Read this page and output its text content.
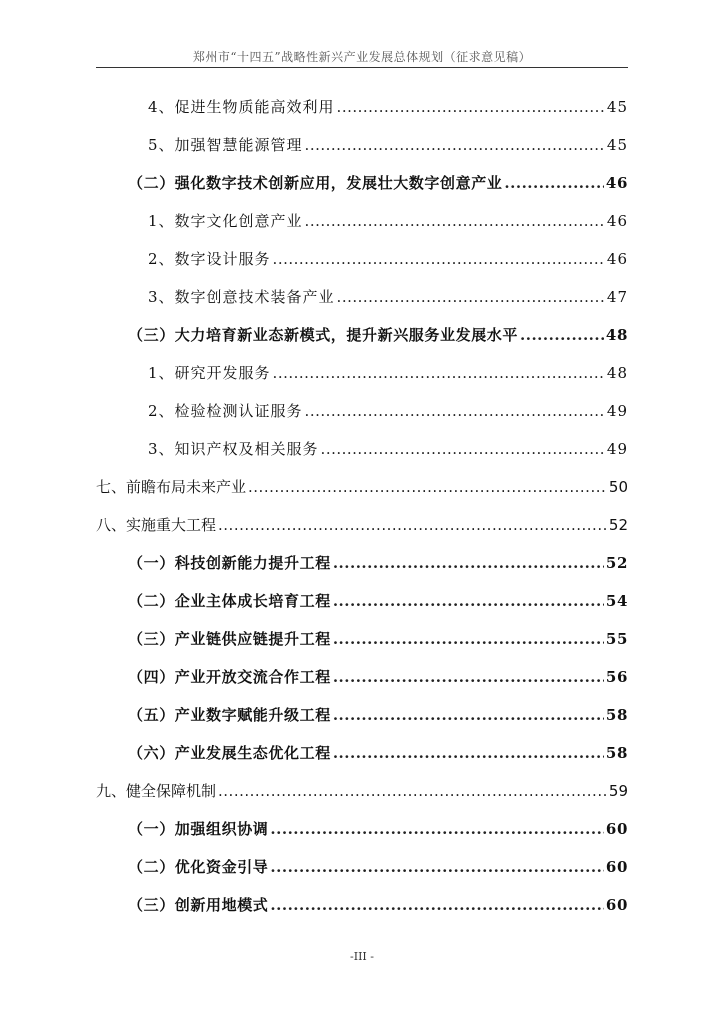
郑州市“十四五”战略性新兴产业发展总体规划（征求意见稿）
4、促进生物质能高效利用 .....	45
5、加强智慧能源管理 .....	45
（二）强化数字技术创新应用，发展壮大数字创意产业 .....	46
1、数字文化创意产业 .....	46
2、数字设计服务 .....	46
3、数字创意技术装备产业 .....	47
（三）大力培育新业态新模式，提升新兴服务业发展水平 .....	48
1、研究开发服务 .....	48
2、检验检测认证服务 .....	49
3、知识产权及相关服务 .....	49
七、前瞻布局未来产业 .....	50
八、实施重大工程 .....	52
（一）科技创新能力提升工程 .....	52
（二）企业主体成长培育工程 .....	54
（三）产业链供应链提升工程 .....	55
（四）产业开放交流合作工程 .....	56
（五）产业数字赋能升级工程 .....	58
（六）产业发展生态优化工程 .....	58
九、健全保障机制 .....	59
（一）加强组织协调 .....	60
（二）优化资金引导 .....	60
（三）创新用地模式 .....	60
-III -
